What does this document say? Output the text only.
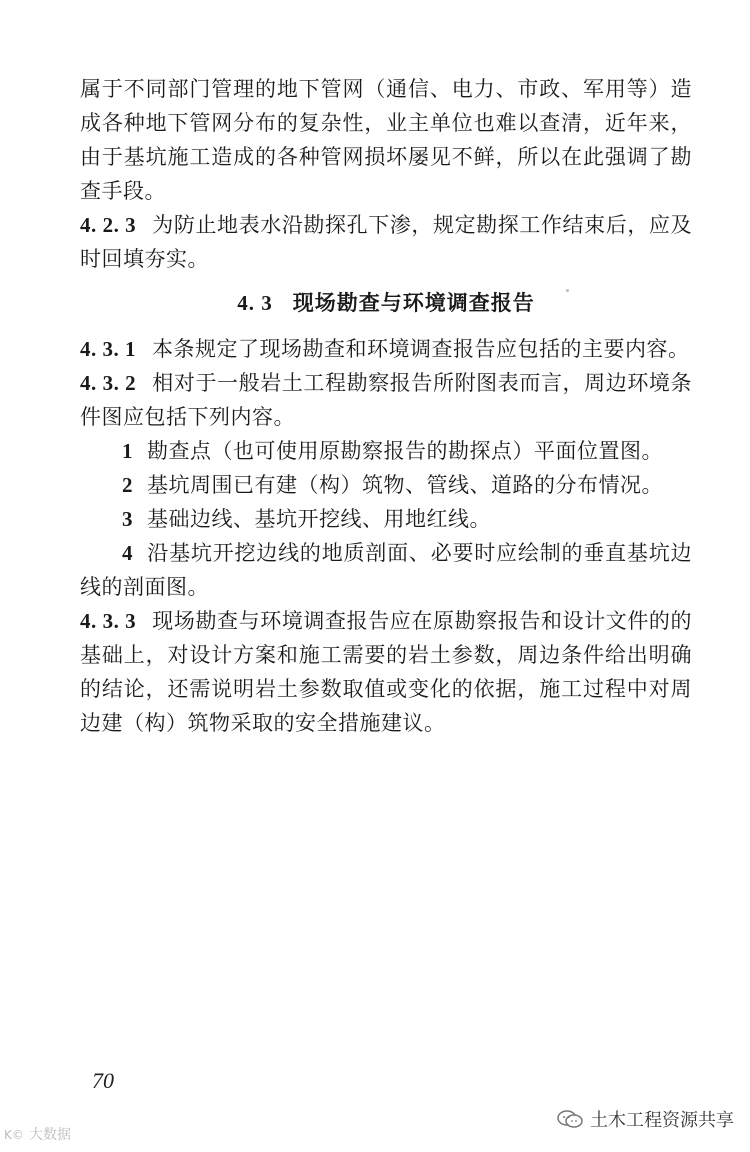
属于不同部门管理的地下管网（通信、电力、市政、军用等）造成各种地下管网分布的复杂性，业主单位也难以查清，近年来，由于基坑施工造成的各种管网损坏屡见不鲜，所以在此强调了勘查手段。

4. 2. 3 为防止地表水沿勘探孔下渗，规定勘探工作结束后，应及时回填夯实。

4. 3 现场勘查与环境调查报告

4. 3. 1 本条规定了现场勘查和环境调查报告应包括的主要内容。

4. 3. 2 相对于一般岩土工程勘察报告所附图表而言，周边环境条件图应包括下列内容。

1 勘查点（也可使用原勘察报告的勘探点）平面位置图。

2 基坑周围已有建（构）筑物、管线、道路的分布情况。

3 基础边线、基坑开挖线、用地红线。

4 沿基坑开挖边线的地质剖面、必要时应绘制的垂直基坑边线的剖面图。

4. 3. 3 现场勘查与环境调查报告应在原勘察报告和设计文件的的基础上，对设计方案和施工需要的岩土参数，周边条件给出明确的结论，还需说明岩土参数取值或变化的依据，施工过程中对周边建（构）筑物采取的安全措施建议。

70
土木工程资源共享
K© 大数据
